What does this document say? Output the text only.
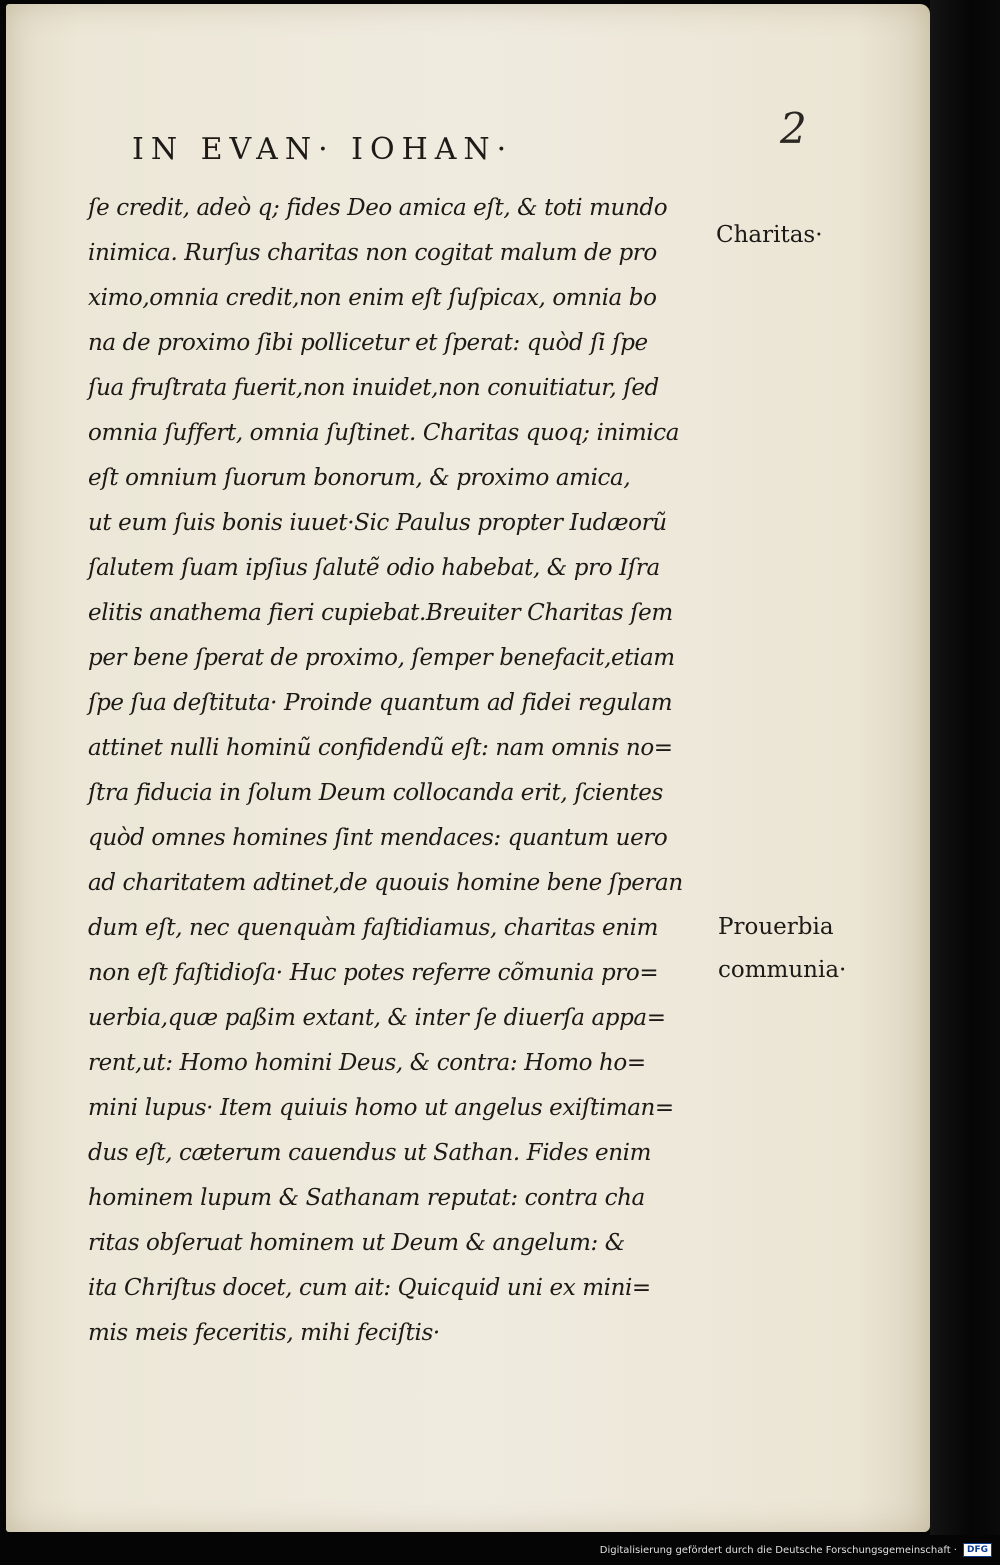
IN EVAN· IOHAN·	2
ſe credit, adeò q; fides Deo amica eſt, & toti mundo
inimica. Rurſus charitas non cogitat malum de pro
ximo,omnia credit,non enim eſt ſuſpicax, omnia bo
na de proximo ſibi pollicetur et ſperat: quòd ſi ſpe
ſua fruſtrata fuerit,non inuidet,non conuitiatur, ſed
omnia ſuffert, omnia ſuſtinet. Charitas quoq; inimica
eſt omnium ſuorum bonorum, & proximo amica,
ut eum ſuis bonis iuuet·Sic Paulus propter Iudæorũ
ſalutem ſuam ipſius ſalutẽ odio habebat, & pro Iſra
elitis anathema fieri cupiebat.Breuiter Charitas ſem
per bene ſperat de proximo, ſemper benefacit,etiam
ſpe ſua deſtituta· Proinde quantum ad fidei regulam
attinet nulli hominũ confidendũ eſt: nam omnis no=
ſtra fiducia in ſolum Deum collocanda erit, ſcientes
quòd omnes homines ſint mendaces: quantum uero
ad charitatem adtinet,de quouis homine bene ſperan
dum eſt, nec quenquàm faſtidiamus, charitas enim
non eſt faſtidioſa· Huc potes referre cõmunia pro=
uerbia,quæ paßim extant, & inter ſe diuerſa appa=
rent,ut: Homo homini Deus, & contra: Homo ho=
mini lupus· Item quiuis homo ut angelus exiſtiman=
dus eſt, cæterum cauendus ut Sathan. Fides enim
hominem lupum & Sathanam reputat: contra cha
ritas obſeruat hominem ut Deum & angelum: &
ita Chriſtus docet, cum ait: Quicquid uni ex mini=
mis meis feceritis, mihi feciſtis·
Charitas·
Prouerbia
communia·
Digitalisierung gefördert durch die Deutsche Forschungsgemeinschaft ·	DFG
